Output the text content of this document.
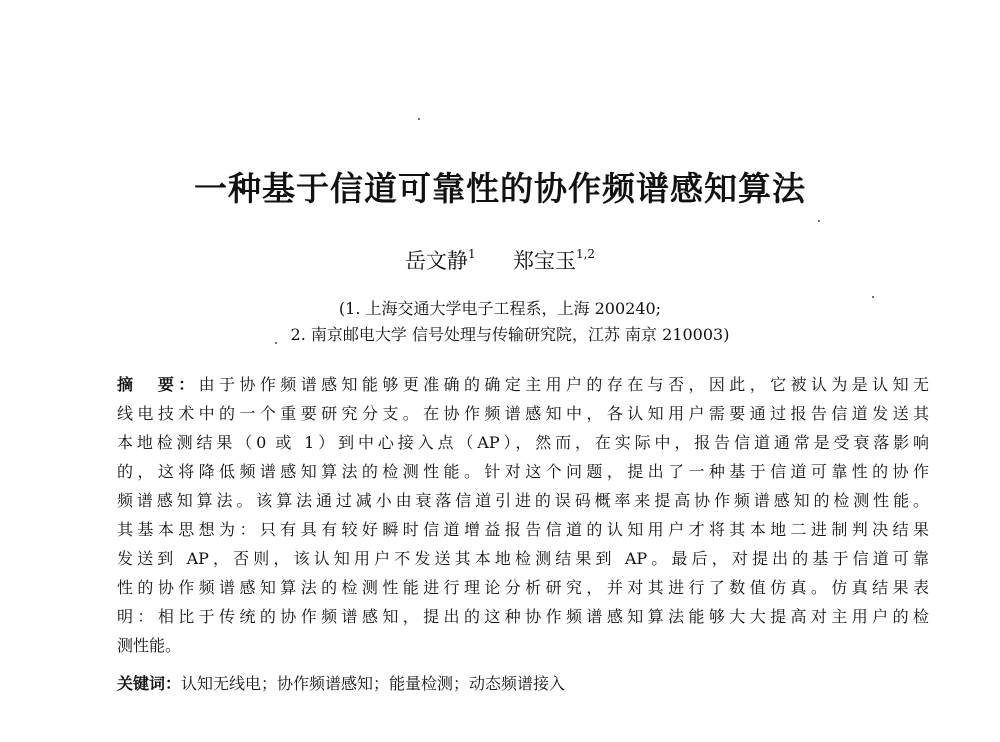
一种基于信道可靠性的协作频谱感知算法
岳文静$^1$ 郑宝玉$^{1,2}$
(1. 上海交通大学电子工程系，上海 200240;
2. 南京邮电大学 信号处理与传输研究院，江苏 南京 210003)
摘　要：由于协作频谱感知能够更准确的确定主用户的存在与否，因此，它被认为是认知无
线电技术中的一个重要研究分支。在协作频谱感知中，各认知用户需要通过报告信道发送其
本地检测结果（0 或 1）到中心接入点（AP），然而，在实际中，报告信道通常是受衰落影响
的，这将降低频谱感知算法的检测性能。针对这个问题，提出了一种基于信道可靠性的协作
频谱感知算法。该算法通过减小由衰落信道引进的误码概率来提高协作频谱感知的检测性能。
其基本思想为：只有具有较好瞬时信道增益报告信道的认知用户才将其本地二进制判决结果
发送到 AP，否则，该认知用户不发送其本地检测结果到 AP。最后，对提出的基于信道可靠
性的协作频谱感知算法的检测性能进行理论分析研究，并对其进行了数值仿真。仿真结果表
明：相比于传统的协作频谱感知，提出的这种协作频谱感知算法能够大大提高对主用户的检
测性能。
关键词：认知无线电；协作频谱感知；能量检测；动态频谱接入
